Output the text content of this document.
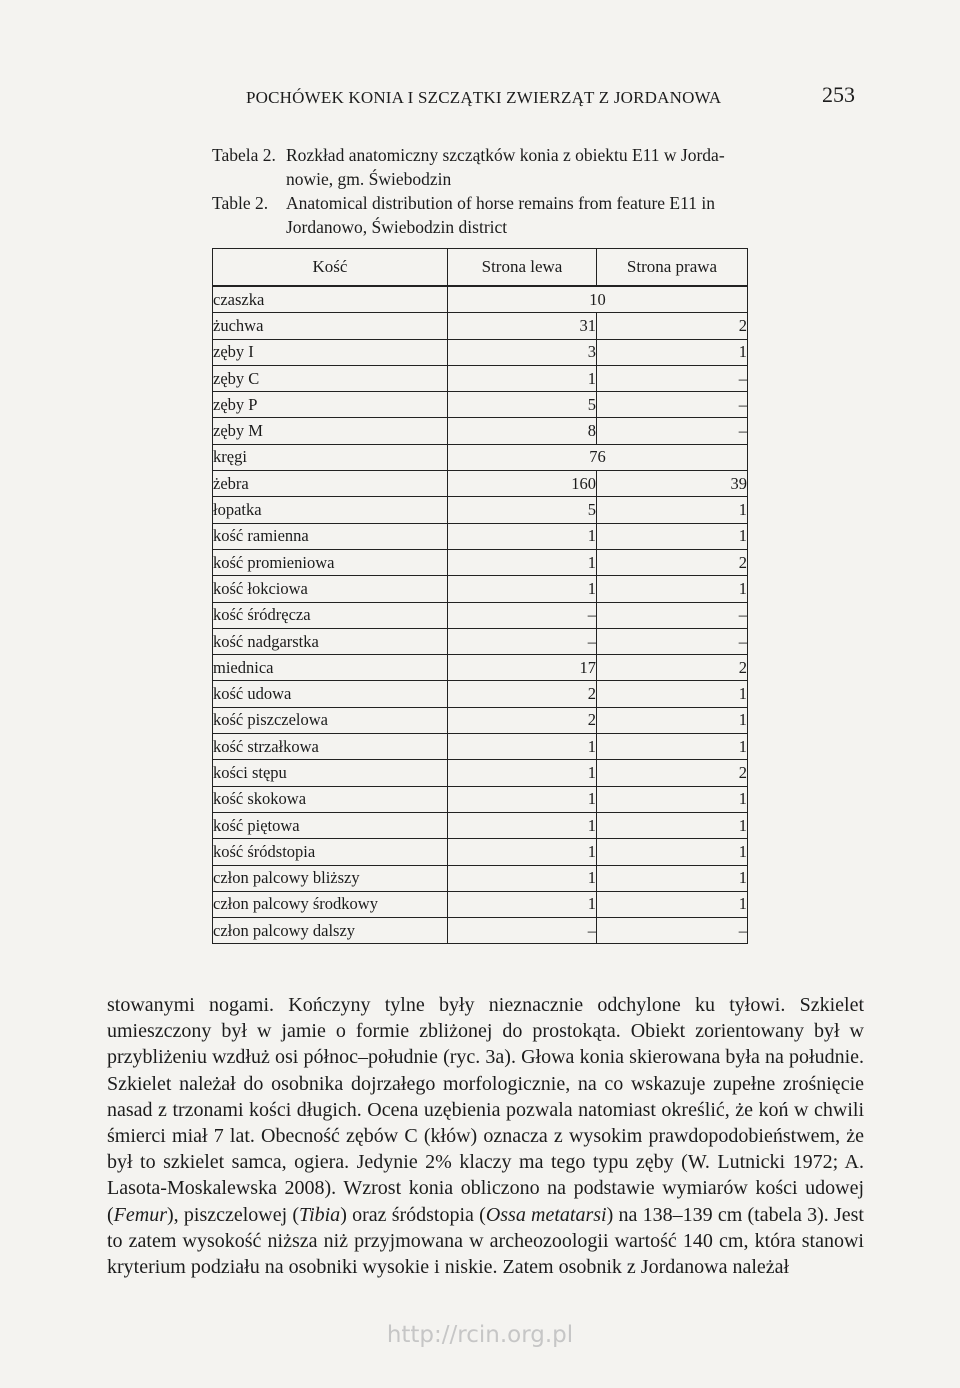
POCHÓWEK KONIA I SZCZĄTKI ZWIERZĄT Z JORDANOWA	253
Tabela 2. Rozkład anatomiczny szczątków konia z obiektu E11 w Jorda-
nowie, gm. Świebodzin
Table 2. Anatomical distribution of horse remains from feature E11 in
Jordanowo, Świebodzin district
Kość	Strona lewa	Strona prawa
czaszka	10	
żuchwa	31	2
zęby I	3	1
zęby C	1	–
zęby P	5	–
zęby M	8	–
kręgi	76	
żebra	160	39
łopatka	5	1
kość ramienna	1	1
kość promieniowa	1	2
kość łokciowa	1	1
kość śródręcza	–	–
kość nadgarstka	–	–
miednica	17	2
kość udowa	2	1
kość piszczelowa	2	1
kość strzałkowa	1	1
kości stępu	1	2
kość skokowa	1	1
kość piętowa	1	1
kość śródstopia	1	1
człon palcowy bliższy	1	1
człon palcowy środkowy	1	1
człon palcowy dalszy	–	–

stowanymi nogami. Kończyny tylne były nieznacznie odchylone ku tyłowi. Szkielet umieszczony był w jamie o formie zbliżonej do prostokąta. Obiekt zorientowany był w przybliżeniu wzdłuż osi północ–południe (ryc. 3a). Głowa konia skierowana była na południe. Szkielet należał do osobnika dojrzałego morfologicznie, na co wskazuje zupełne zrośnięcie nasad z trzonami kości długich. Ocena uzębienia pozwala natomiast określić, że koń w chwili śmierci miał 7 lat. Obecność zębów C (kłów) oznacza z wysokim prawdopodobieństwem, że był to szkielet samca, ogiera. Jedynie 2% klaczy ma tego typu zęby (W. Lutnicki 1972; A. Lasota-Moskalewska 2008). Wzrost konia obliczono na podstawie wymiarów kości udowej (Femur), piszczelowej (Tibia) oraz śródstopia (Ossa metatarsi) na 138–139 cm (tabela 3). Jest to zatem wysokość niższa niż przyjmowana w archeozoologii wartość 140 cm, która stanowi kryterium podziału na osobniki wysokie i niskie. Zatem osobnik z Jordanowa należał

http://rcin.org.pl
